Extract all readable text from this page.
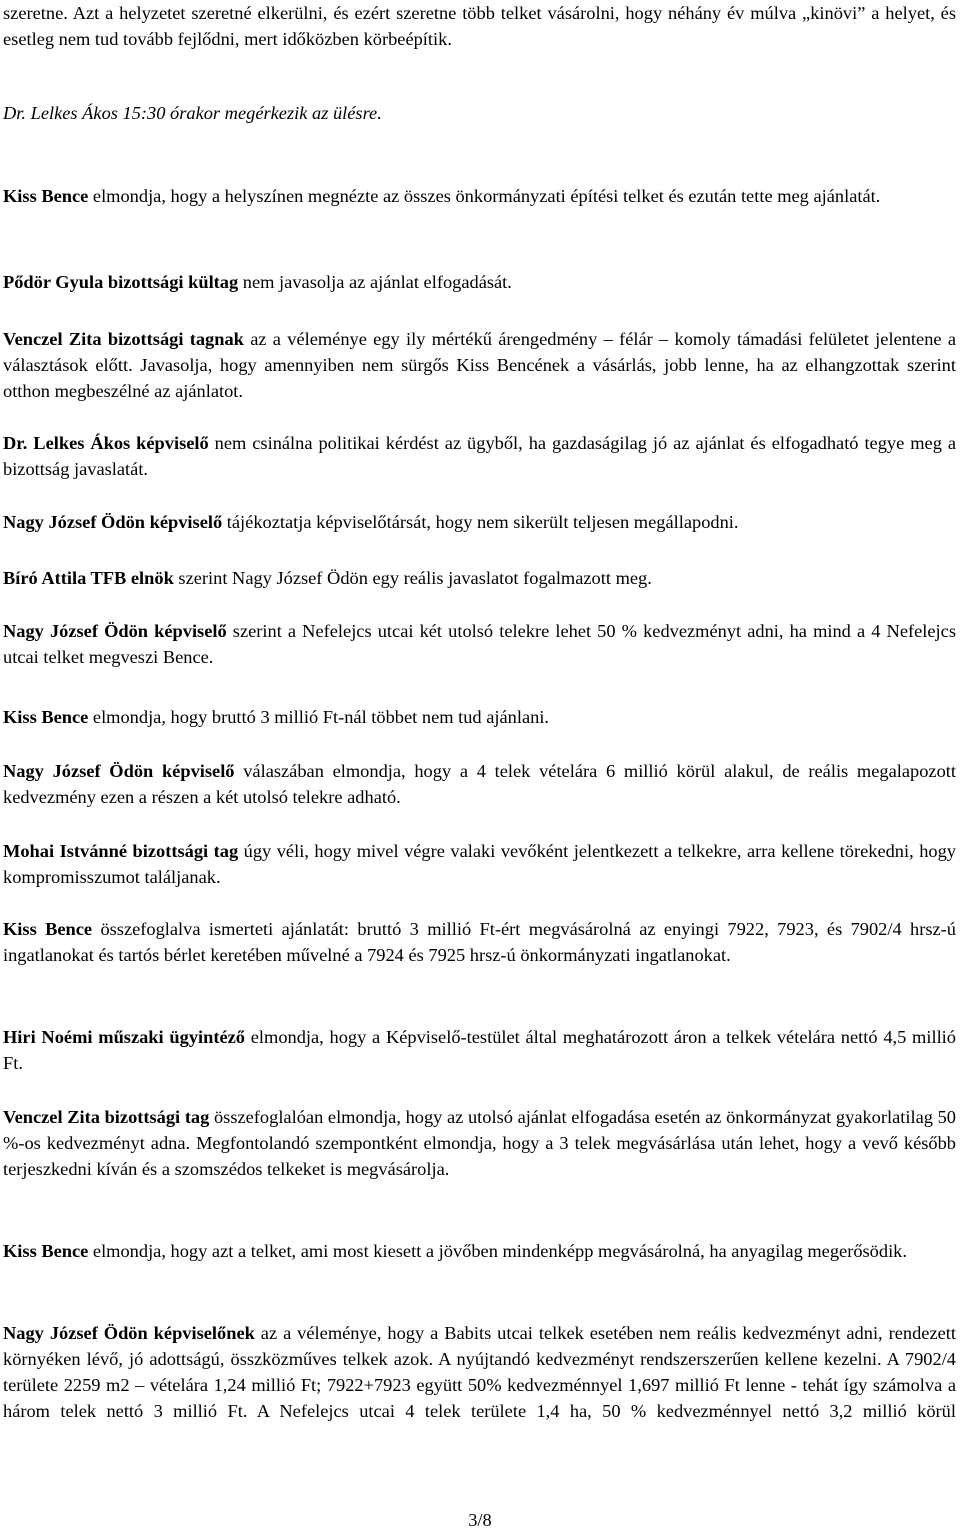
szeretne. Azt a helyzetet szeretné elkerülni, és ezért szeretne több telket vásárolni, hogy néhány év múlva „kinövi” a helyet, és esetleg nem tud tovább fejlődni, mert időközben körbeépítik.

Dr. Lelkes Ákos 15:30 órakor megérkezik az ülésre.

Kiss Bence elmondja, hogy a helyszínen megnézte az összes önkormányzati építési telket és ezután tette meg ajánlatát.

Pődör Gyula bizottsági kültag nem javasolja az ajánlat elfogadását.

Venczel Zita bizottsági tagnak az a véleménye egy ily mértékű árengedmény – félár – komoly támadási felületet jelentene a választások előtt. Javasolja, hogy amennyiben nem sürgős Kiss Bencének a vásárlás, jobb lenne, ha az elhangzottak szerint otthon megbeszélné az ajánlatot.

Dr. Lelkes Ákos képviselő nem csinálna politikai kérdést az ügyből, ha gazdaságilag jó az ajánlat és elfogadható tegye meg a bizottság javaslatát.

Nagy József Ödön képviselő tájékoztatja képviselőtársát, hogy nem sikerült teljesen megállapodni.

Bíró Attila TFB elnök szerint Nagy József Ödön egy reális javaslatot fogalmazott meg.

Nagy József Ödön képviselő szerint a Nefelejcs utcai két utolsó telekre lehet 50 % kedvezményt adni, ha mind a 4 Nefelejcs utcai telket megveszi Bence.

Kiss Bence elmondja, hogy bruttó 3 millió Ft-nál többet nem tud ajánlani.

Nagy József Ödön képviselő válaszában elmondja, hogy a 4 telek vételára 6 millió körül alakul, de reális megalapozott kedvezmény ezen a részen a két utolsó telekre adható.

Mohai Istvánné bizottsági tag úgy véli, hogy mivel végre valaki vevőként jelentkezett a telkekre, arra kellene törekedni, hogy kompromisszumot találjanak.

Kiss Bence összefoglalva ismerteti ajánlatát: bruttó 3 millió Ft-ért megvásárolná az enyingi 7922, 7923, és 7902/4 hrsz-ú ingatlanokat és tartós bérlet keretében művelné a 7924 és 7925 hrsz-ú önkormányzati ingatlanokat.

Hiri Noémi műszaki ügyintéző elmondja, hogy a Képviselő-testület által meghatározott áron a telkek vételára nettó 4,5 millió Ft.

Venczel Zita bizottsági tag összefoglalóan elmondja, hogy az utolsó ajánlat elfogadása esetén az önkormányzat gyakorlatilag 50 %-os kedvezményt adna. Megfontolandó szempontként elmondja, hogy a 3 telek megvásárlása után lehet, hogy a vevő később terjeszkedni kíván és a szomszédos telkeket is megvásárolja.

Kiss Bence elmondja, hogy azt a telket, ami most kiesett a jövőben mindenképp megvásárolná, ha anyagilag megerősödik.

Nagy József Ödön képviselőnek az a véleménye, hogy a Babits utcai telkek esetében nem reális kedvezményt adni, rendezett környéken lévő, jó adottságú, összközműves telkek azok. A nyújtandó kedvezményt rendszerszerűen kellene kezelni. A 7902/4 területe 2259 m2 – vételára 1,24 millió Ft; 7922+7923 együtt 50% kedvezménnyel 1,697 millió Ft lenne - tehát így számolva a három telek nettó 3 millió Ft. A Nefelejcs utcai 4 telek területe 1,4 ha, 50 % kedvezménnyel nettó 3,2 millió körül

3/8
